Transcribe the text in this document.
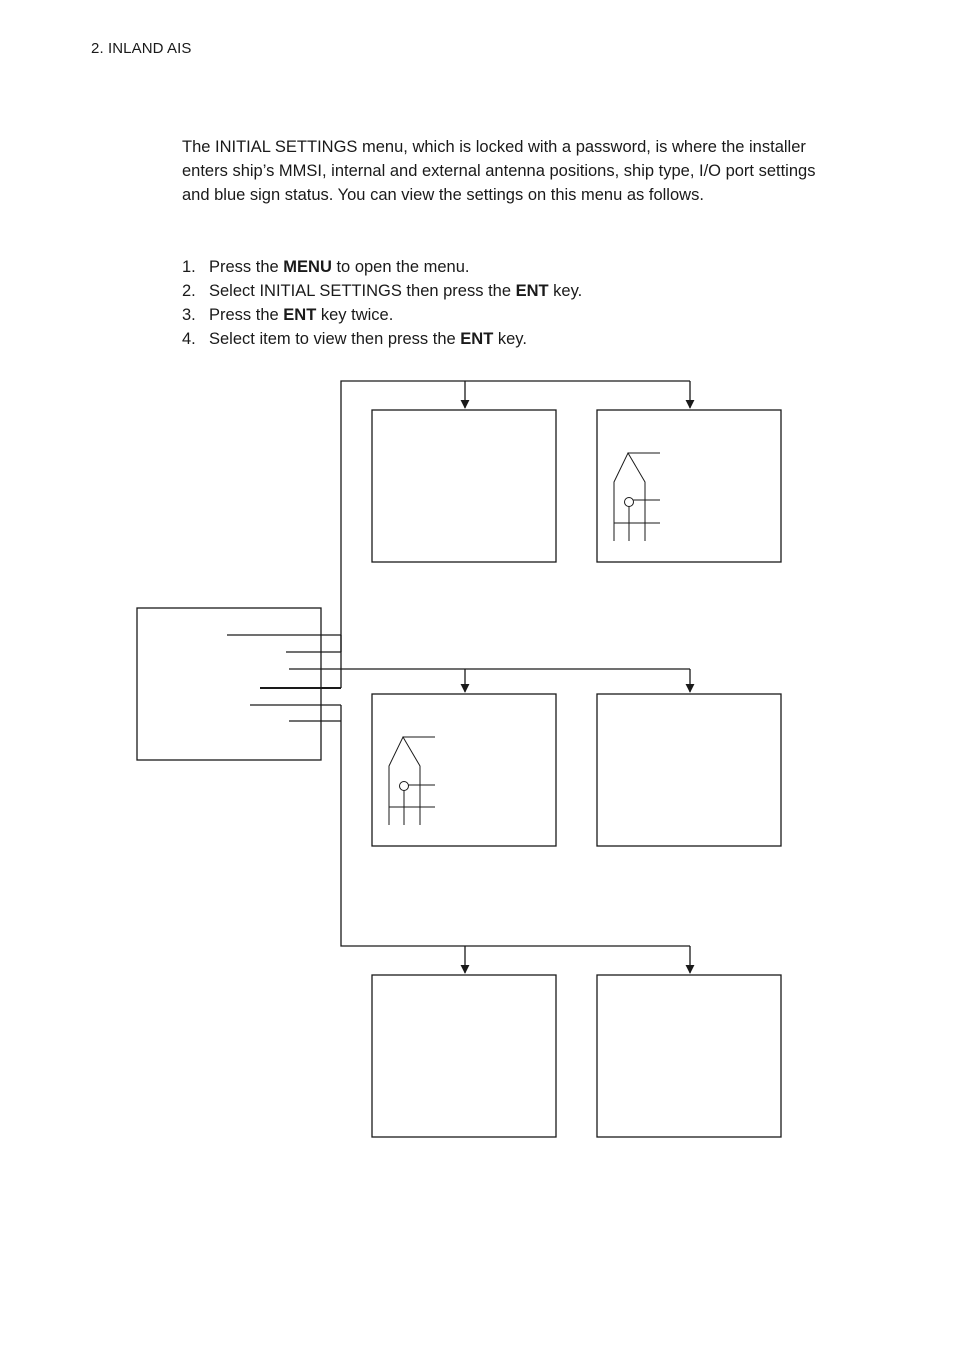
2. INLAND AIS

The INITIAL SETTINGS menu, which is locked with a password, is where the installer enters ship’s MMSI, internal and external antenna positions, ship type, I/O port settings and blue sign status. You can view the settings on this menu as follows.

1. Press the MENU to open the menu.
2. Select INITIAL SETTINGS then press the ENT key.
3. Press the ENT key twice.
4. Select item to view then press the ENT key.
